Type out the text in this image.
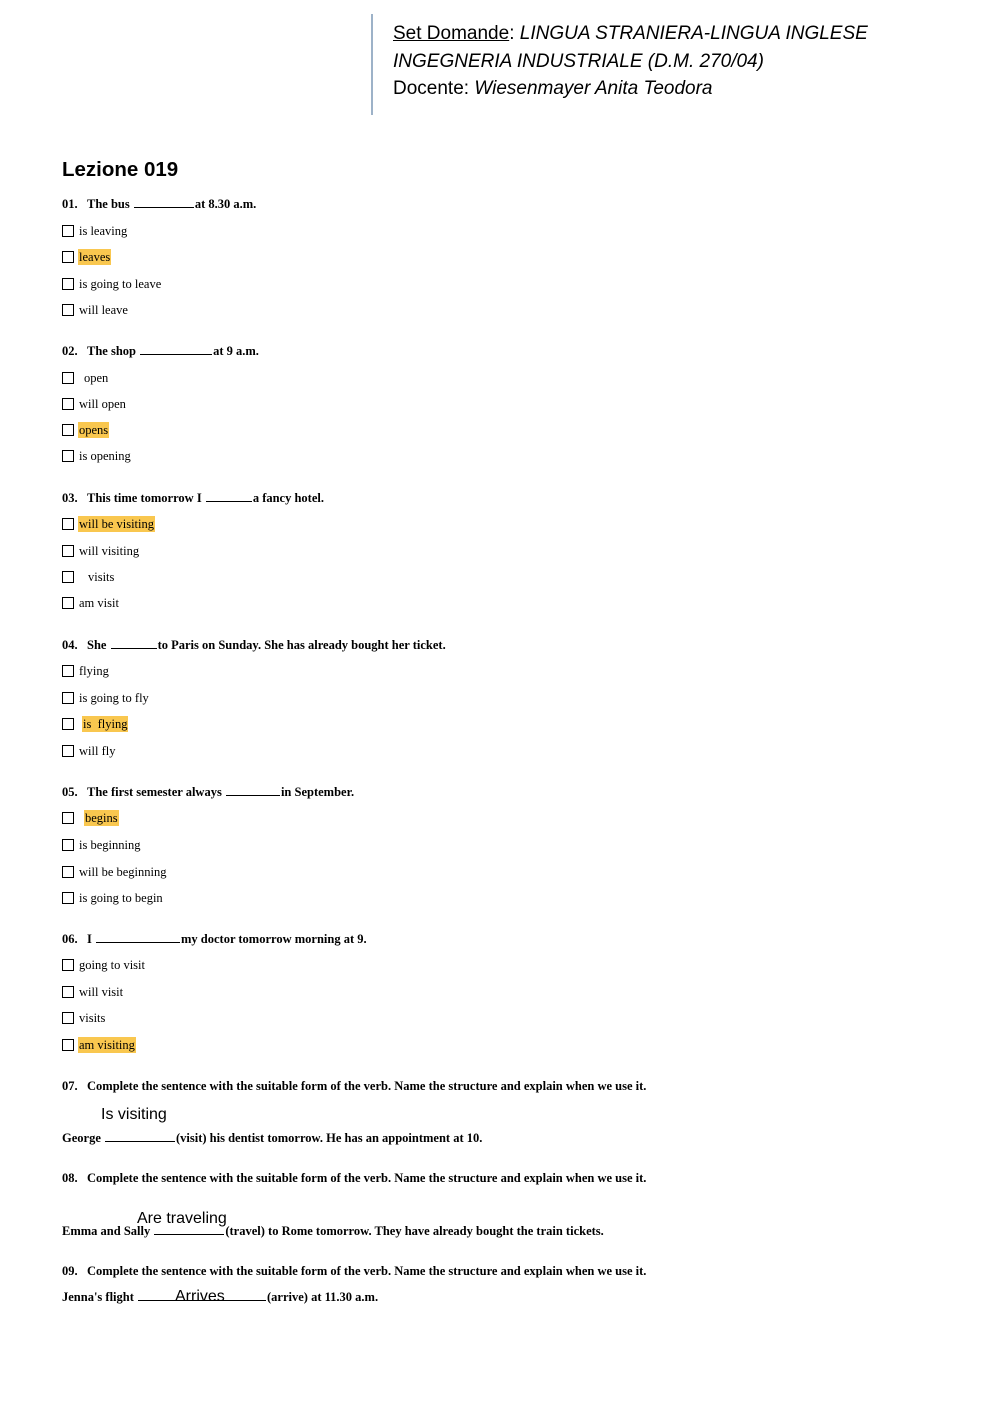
Set Domande: LINGUA STRANIERA-LINGUA INGLESE
INGEGNERIA INDUSTRIALE (D.M. 270/04)
Docente: Wiesenmayer Anita Teodora
Lezione 019
01. The bus	at 8.30 a.m.
is leaving
leaves
is going to leave
will leave
02. The shop	at 9 a.m.
open
will open
opens
is opening
03. This time tomorrow I	a fancy hotel.
will be visiting
will visiting
visits
am visit
04. She	to Paris on Sunday. She has already bought her ticket.
flying
is going to fly
is  flying
will fly
05. The first semester always	in September.
begins
is beginning
will be beginning
is going to begin
06. I	my doctor tomorrow morning at 9.
going to visit
will visit
visits
am visiting
07. Complete the sentence with the suitable form of the verb. Name the structure and explain when we use it.
Is visiting
George	(visit) his dentist tomorrow. He has an appointment at 10.
08. Complete the sentence with the suitable form of the verb. Name the structure and explain when we use it.
Are traveling
Emma and Sally	(travel) to Rome tomorrow. They have already bought the train tickets.
09. Complete the sentence with the suitable form of the verb. Name the structure and explain when we use it.
Jenna's flight	(arrive) at 11.30 a.m.
Arrives
